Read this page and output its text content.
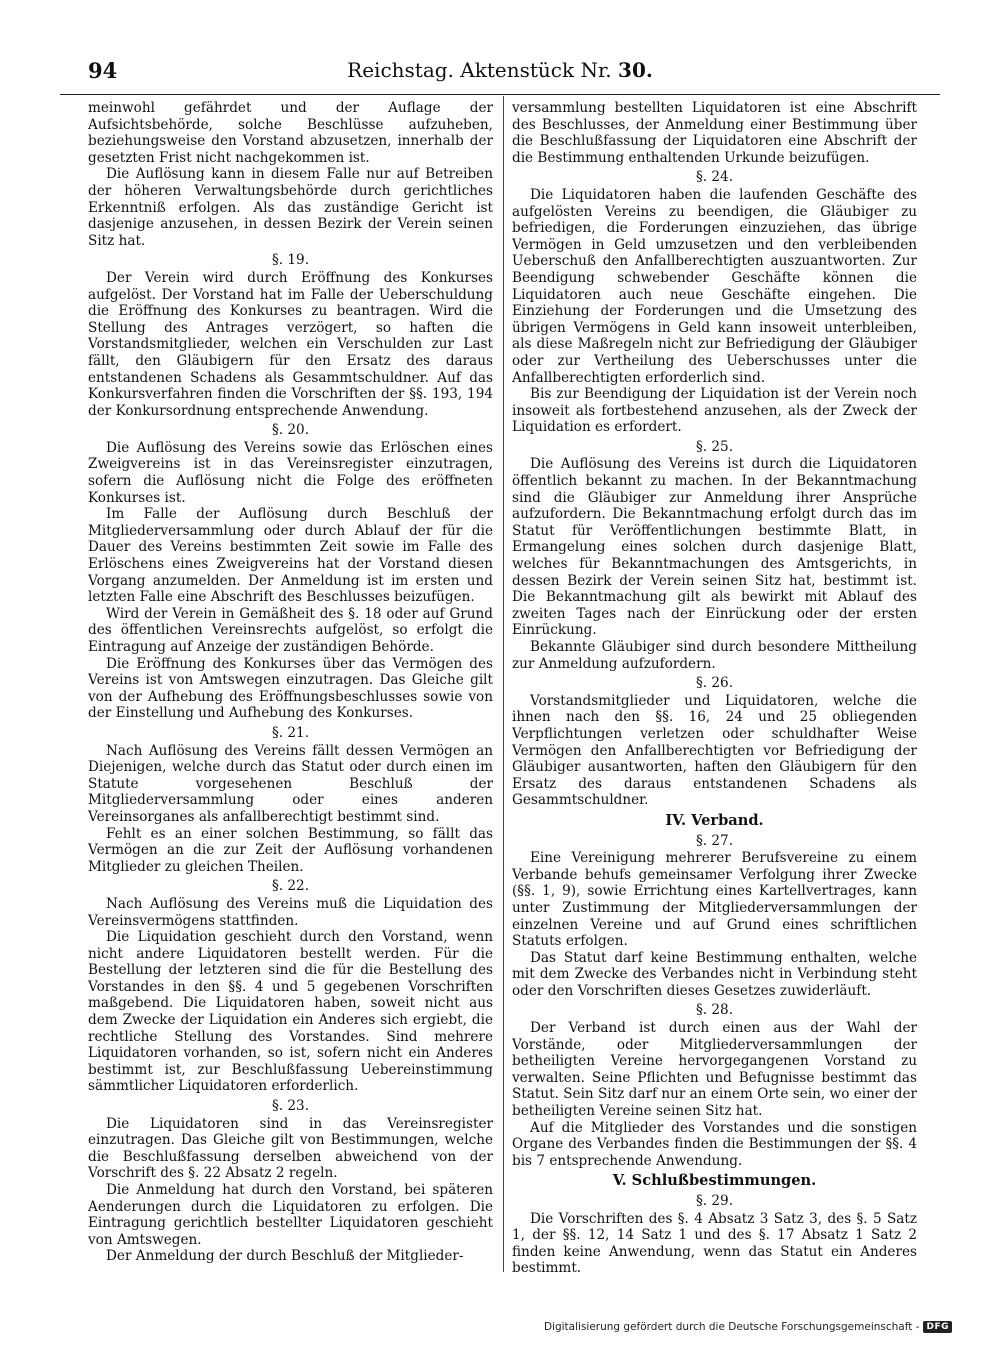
94	Reichstag. Aktenstück Nr. 30.

meinwohl gefährdet und der Auflage der Aufsichtsbehörde, solche Beschlüsse aufzuheben, beziehungsweise den Vorstand abzusetzen, innerhalb der gesetzten Frist nicht nachgekommen ist.

Die Auflösung kann in diesem Falle nur auf Betreiben der höheren Verwaltungsbehörde durch gerichtliches Erkenntniß erfolgen. Als das zuständige Gericht ist dasjenige anzusehen, in dessen Bezirk der Verein seinen Sitz hat.

§. 19.

Der Verein wird durch Eröffnung des Konkurses aufgelöst. Der Vorstand hat im Falle der Ueberschuldung die Eröffnung des Konkurses zu beantragen. Wird die Stellung des Antrages verzögert, so haften die Vorstandsmitglieder, welchen ein Verschulden zur Last fällt, den Gläubigern für den Ersatz des daraus entstandenen Schadens als Gesammtschuldner. Auf das Konkursverfahren finden die Vorschriften der §§. 193, 194 der Konkursordnung entsprechende Anwendung.

§. 20.

Die Auflösung des Vereins sowie das Erlöschen eines Zweigvereins ist in das Vereinsregister einzutragen, sofern die Auflösung nicht die Folge des eröffneten Konkurses ist.

Im Falle der Auflösung durch Beschluß der Mitgliederversammlung oder durch Ablauf der für die Dauer des Vereins bestimmten Zeit sowie im Falle des Erlöschens eines Zweigvereins hat der Vorstand diesen Vorgang anzumelden. Der Anmeldung ist im ersten und letzten Falle eine Abschrift des Beschlusses beizufügen.

Wird der Verein in Gemäßheit des §. 18 oder auf Grund des öffentlichen Vereinsrechts aufgelöst, so erfolgt die Eintragung auf Anzeige der zuständigen Behörde.

Die Eröffnung des Konkurses über das Vermögen des Vereins ist von Amtswegen einzutragen. Das Gleiche gilt von der Aufhebung des Eröffnungsbeschlusses sowie von der Einstellung und Aufhebung des Konkurses.

§. 21.

Nach Auflösung des Vereins fällt dessen Vermögen an Diejenigen, welche durch das Statut oder durch einen im Statute vorgesehenen Beschluß der Mitgliederversammlung oder eines anderen Vereinsorganes als anfallberechtigt bestimmt sind.

Fehlt es an einer solchen Bestimmung, so fällt das Vermögen an die zur Zeit der Auflösung vorhandenen Mitglieder zu gleichen Theilen.

§. 22.

Nach Auflösung des Vereins muß die Liquidation des Vereinsvermögens stattfinden.

Die Liquidation geschieht durch den Vorstand, wenn nicht andere Liquidatoren bestellt werden. Für die Bestellung der letzteren sind die für die Bestellung des Vorstandes in den §§. 4 und 5 gegebenen Vorschriften maßgebend. Die Liquidatoren haben, soweit nicht aus dem Zwecke der Liquidation ein Anderes sich ergiebt, die rechtliche Stellung des Vorstandes. Sind mehrere Liquidatoren vorhanden, so ist, sofern nicht ein Anderes bestimmt ist, zur Beschlußfassung Uebereinstimmung sämmtlicher Liquidatoren erforderlich.

§. 23.

Die Liquidatoren sind in das Vereinsregister einzutragen. Das Gleiche gilt von Bestimmungen, welche die Beschlußfassung derselben abweichend von der Vorschrift des §. 22 Absatz 2 regeln.

Die Anmeldung hat durch den Vorstand, bei späteren Aenderungen durch die Liquidatoren zu erfolgen. Die Eintragung gerichtlich bestellter Liquidatoren geschieht von Amtswegen.

Der Anmeldung der durch Beschluß der Mitglieder-

versammlung bestellten Liquidatoren ist eine Abschrift des Beschlusses, der Anmeldung einer Bestimmung über die Beschlußfassung der Liquidatoren eine Abschrift der die Bestimmung enthaltenden Urkunde beizufügen.

§. 24.

Die Liquidatoren haben die laufenden Geschäfte des aufgelösten Vereins zu beendigen, die Gläubiger zu befriedigen, die Forderungen einzuziehen, das übrige Vermögen in Geld umzusetzen und den verbleibenden Ueberschuß den Anfallberechtigten auszuantworten. Zur Beendigung schwebender Geschäfte können die Liquidatoren auch neue Geschäfte eingehen. Die Einziehung der Forderungen und die Umsetzung des übrigen Vermögens in Geld kann insoweit unterbleiben, als diese Maßregeln nicht zur Befriedigung der Gläubiger oder zur Vertheilung des Ueberschusses unter die Anfallberechtigten erforderlich sind.

Bis zur Beendigung der Liquidation ist der Verein noch insoweit als fortbestehend anzusehen, als der Zweck der Liquidation es erfordert.

§. 25.

Die Auflösung des Vereins ist durch die Liquidatoren öffentlich bekannt zu machen. In der Bekanntmachung sind die Gläubiger zur Anmeldung ihrer Ansprüche aufzufordern. Die Bekanntmachung erfolgt durch das im Statut für Veröffentlichungen bestimmte Blatt, in Ermangelung eines solchen durch dasjenige Blatt, welches für Bekanntmachungen des Amtsgerichts, in dessen Bezirk der Verein seinen Sitz hat, bestimmt ist. Die Bekanntmachung gilt als bewirkt mit Ablauf des zweiten Tages nach der Einrückung oder der ersten Einrückung.

Bekannte Gläubiger sind durch besondere Mittheilung zur Anmeldung aufzufordern.

§. 26.

Vorstandsmitglieder und Liquidatoren, welche die ihnen nach den §§. 16, 24 und 25 obliegenden Verpflichtungen verletzen oder schuldhafter Weise Vermögen den Anfallberechtigten vor Befriedigung der Gläubiger ausantworten, haften den Gläubigern für den Ersatz des daraus entstandenen Schadens als Gesammtschuldner.

IV. Verband.
§. 27.

Eine Vereinigung mehrerer Berufsvereine zu einem Verbande behufs gemeinsamer Verfolgung ihrer Zwecke (§§. 1, 9), sowie Errichtung eines Kartellvertrages, kann unter Zustimmung der Mitgliederversammlungen der einzelnen Vereine und auf Grund eines schriftlichen Statuts erfolgen.

Das Statut darf keine Bestimmung enthalten, welche mit dem Zwecke des Verbandes nicht in Verbindung steht oder den Vorschriften dieses Gesetzes zuwiderläuft.

§. 28.

Der Verband ist durch einen aus der Wahl der Vorstände, oder Mitgliederversammlungen der betheiligten Vereine hervorgegangenen Vorstand zu verwalten. Seine Pflichten und Befugnisse bestimmt das Statut. Sein Sitz darf nur an einem Orte sein, wo einer der betheiligten Vereine seinen Sitz hat.

Auf die Mitglieder des Vorstandes und die sonstigen Organe des Verbandes finden die Bestimmungen der §§. 4 bis 7 entsprechende Anwendung.

V. Schlußbestimmungen.
§. 29.

Die Vorschriften des §. 4 Absatz 3 Satz 3, des §. 5 Satz 1, der §§. 12, 14 Satz 1 und des §. 17 Absatz 1 Satz 2 finden keine Anwendung, wenn das Statut ein Anderes bestimmt.

Digitalisierung gefördert durch die Deutsche Forschungsgemeinschaft - DFG
